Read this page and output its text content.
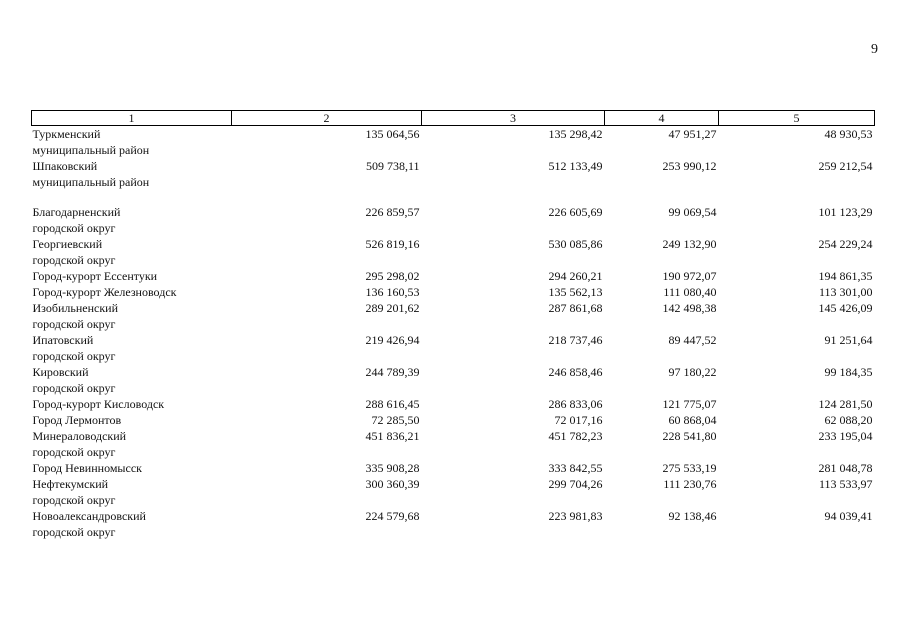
9
1	2	3	4	5
Туркменский
муниципальный район	135 064,56	135 298,42	47 951,27	48 930,53
Шпаковский
муниципальный район	509 738,11	512 133,49	253 990,12	259 212,54
Благодарненский
городской округ	226 859,57	226 605,69	99 069,54	101 123,29
Георгиевский
городской округ	526 819,16	530 085,86	249 132,90	254 229,24
Город-курорт Ессентуки	295 298,02	294 260,21	190 972,07	194 861,35
Город-курорт Железноводск	136 160,53	135 562,13	111 080,40	113 301,00
Изобильненский
городской округ	289 201,62	287 861,68	142 498,38	145 426,09
Ипатовский
городской округ	219 426,94	218 737,46	89 447,52	91 251,64
Кировский
городской округ	244 789,39	246 858,46	97 180,22	99 184,35
Город-курорт Кисловодск	288 616,45	286 833,06	121 775,07	124 281,50
Город Лермонтов	72 285,50	72 017,16	60 868,04	62 088,20
Минераловодский
городской округ	451 836,21	451 782,23	228 541,80	233 195,04
Город Невинномысск	335 908,28	333 842,55	275 533,19	281 048,78
Нефтекумский
городской округ	300 360,39	299 704,26	111 230,76	113 533,97
Новоалександровский
городской округ	224 579,68	223 981,83	92 138,46	94 039,41
